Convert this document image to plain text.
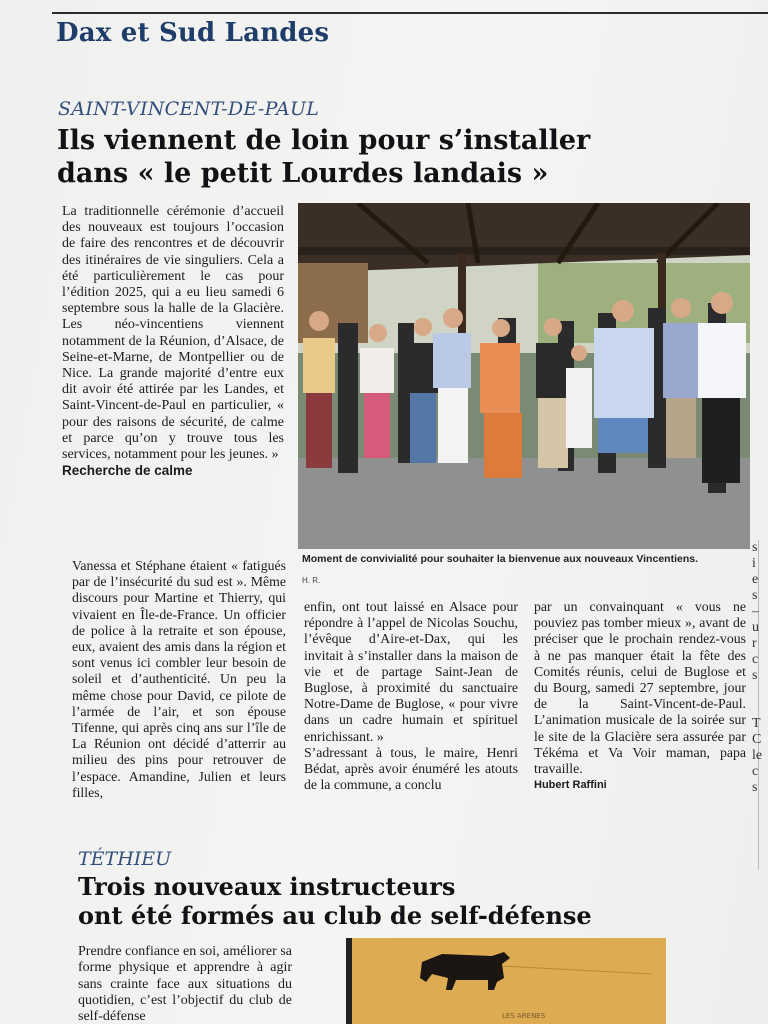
Dax et Sud Landes
SAINT-VINCENT-DE-PAUL
Ils viennent de loin pour s’installer
dans « le petit Lourdes landais »

La traditionnelle cérémonie d’accueil des nouveaux est toujours l’occasion de faire des rencontres et de découvrir des itinéraires de vie singuliers. Cela a été particulièrement le cas pour l’édition 2025, qui a eu lieu samedi 6 septembre sous la halle de la Glacière. Les néo-vincentiens viennent notamment de la Réunion, d’Alsace, de Seine-et-Marne, de Montpellier ou de Nice. La grande majorité d’entre eux dit avoir été attirée par les Landes, et Saint-Vincent-de-Paul en particulier, « pour des raisons de sécurité, de calme et parce qu’on y trouve tous les services, notamment pour les jeunes. »

Recherche de calme

Vanessa et Stéphane étaient « fatigués par de l’insécurité du sud est ». Même discours pour Martine et Thierry, qui vivaient en Île-de-France. Un officier de police à la retraite et son épouse, eux, avaient des amis dans la région et sont venus ici combler leur besoin de soleil et d’authenticité. Un peu la même chose pour David, ce pilote de l’armée de l’air, et son épouse Tifenne, qui après cinq ans sur l’île de La Réunion ont décidé d’atterrir au milieu des pins pour retrouver de l’espace. Amandine, Julien et leurs filles,

Moment de convivialité pour souhaiter la bienvenue aux nouveaux Vincentiens.
H. R.

enfin, ont tout laissé en Alsace pour répondre à l’appel de Nicolas Souchu, l’évêque d’Aire-et-Dax, qui les invitait à s’installer dans la maison de vie et de partage Saint-Jean de Buglose, à proximité du sanctuaire Notre-Dame de Buglose, « pour vivre dans un cadre humain et spirituel enrichissant. »

S’adressant à tous, le maire, Henri Bédat, après avoir énuméré les atouts de la commune, a conclu

par un convainquant « vous ne pouviez pas tomber mieux », avant de préciser que le prochain rendez-vous à ne pas manquer était la fête des Comités réunis, celui de Buglose et du Bourg, samedi 27 septembre, jour de la Saint-Vincent-de-Paul. L’animation musicale de la soirée sur le site de la Glacière sera assurée par Tékéma et Va Voir maman, papa travaille.

Hubert Raffini

s
i
e
s
–
u
r
c
s

T
C
le
c
s
TÉTHIEU
Trois nouveaux instructeurs
ont été formés au club de self-défense
Prendre confiance en soi, améliorer sa forme physique et apprendre à agir sans crainte face aux situations du quotidien, c’est l’objectif du club de self-défense	LES ARENES
